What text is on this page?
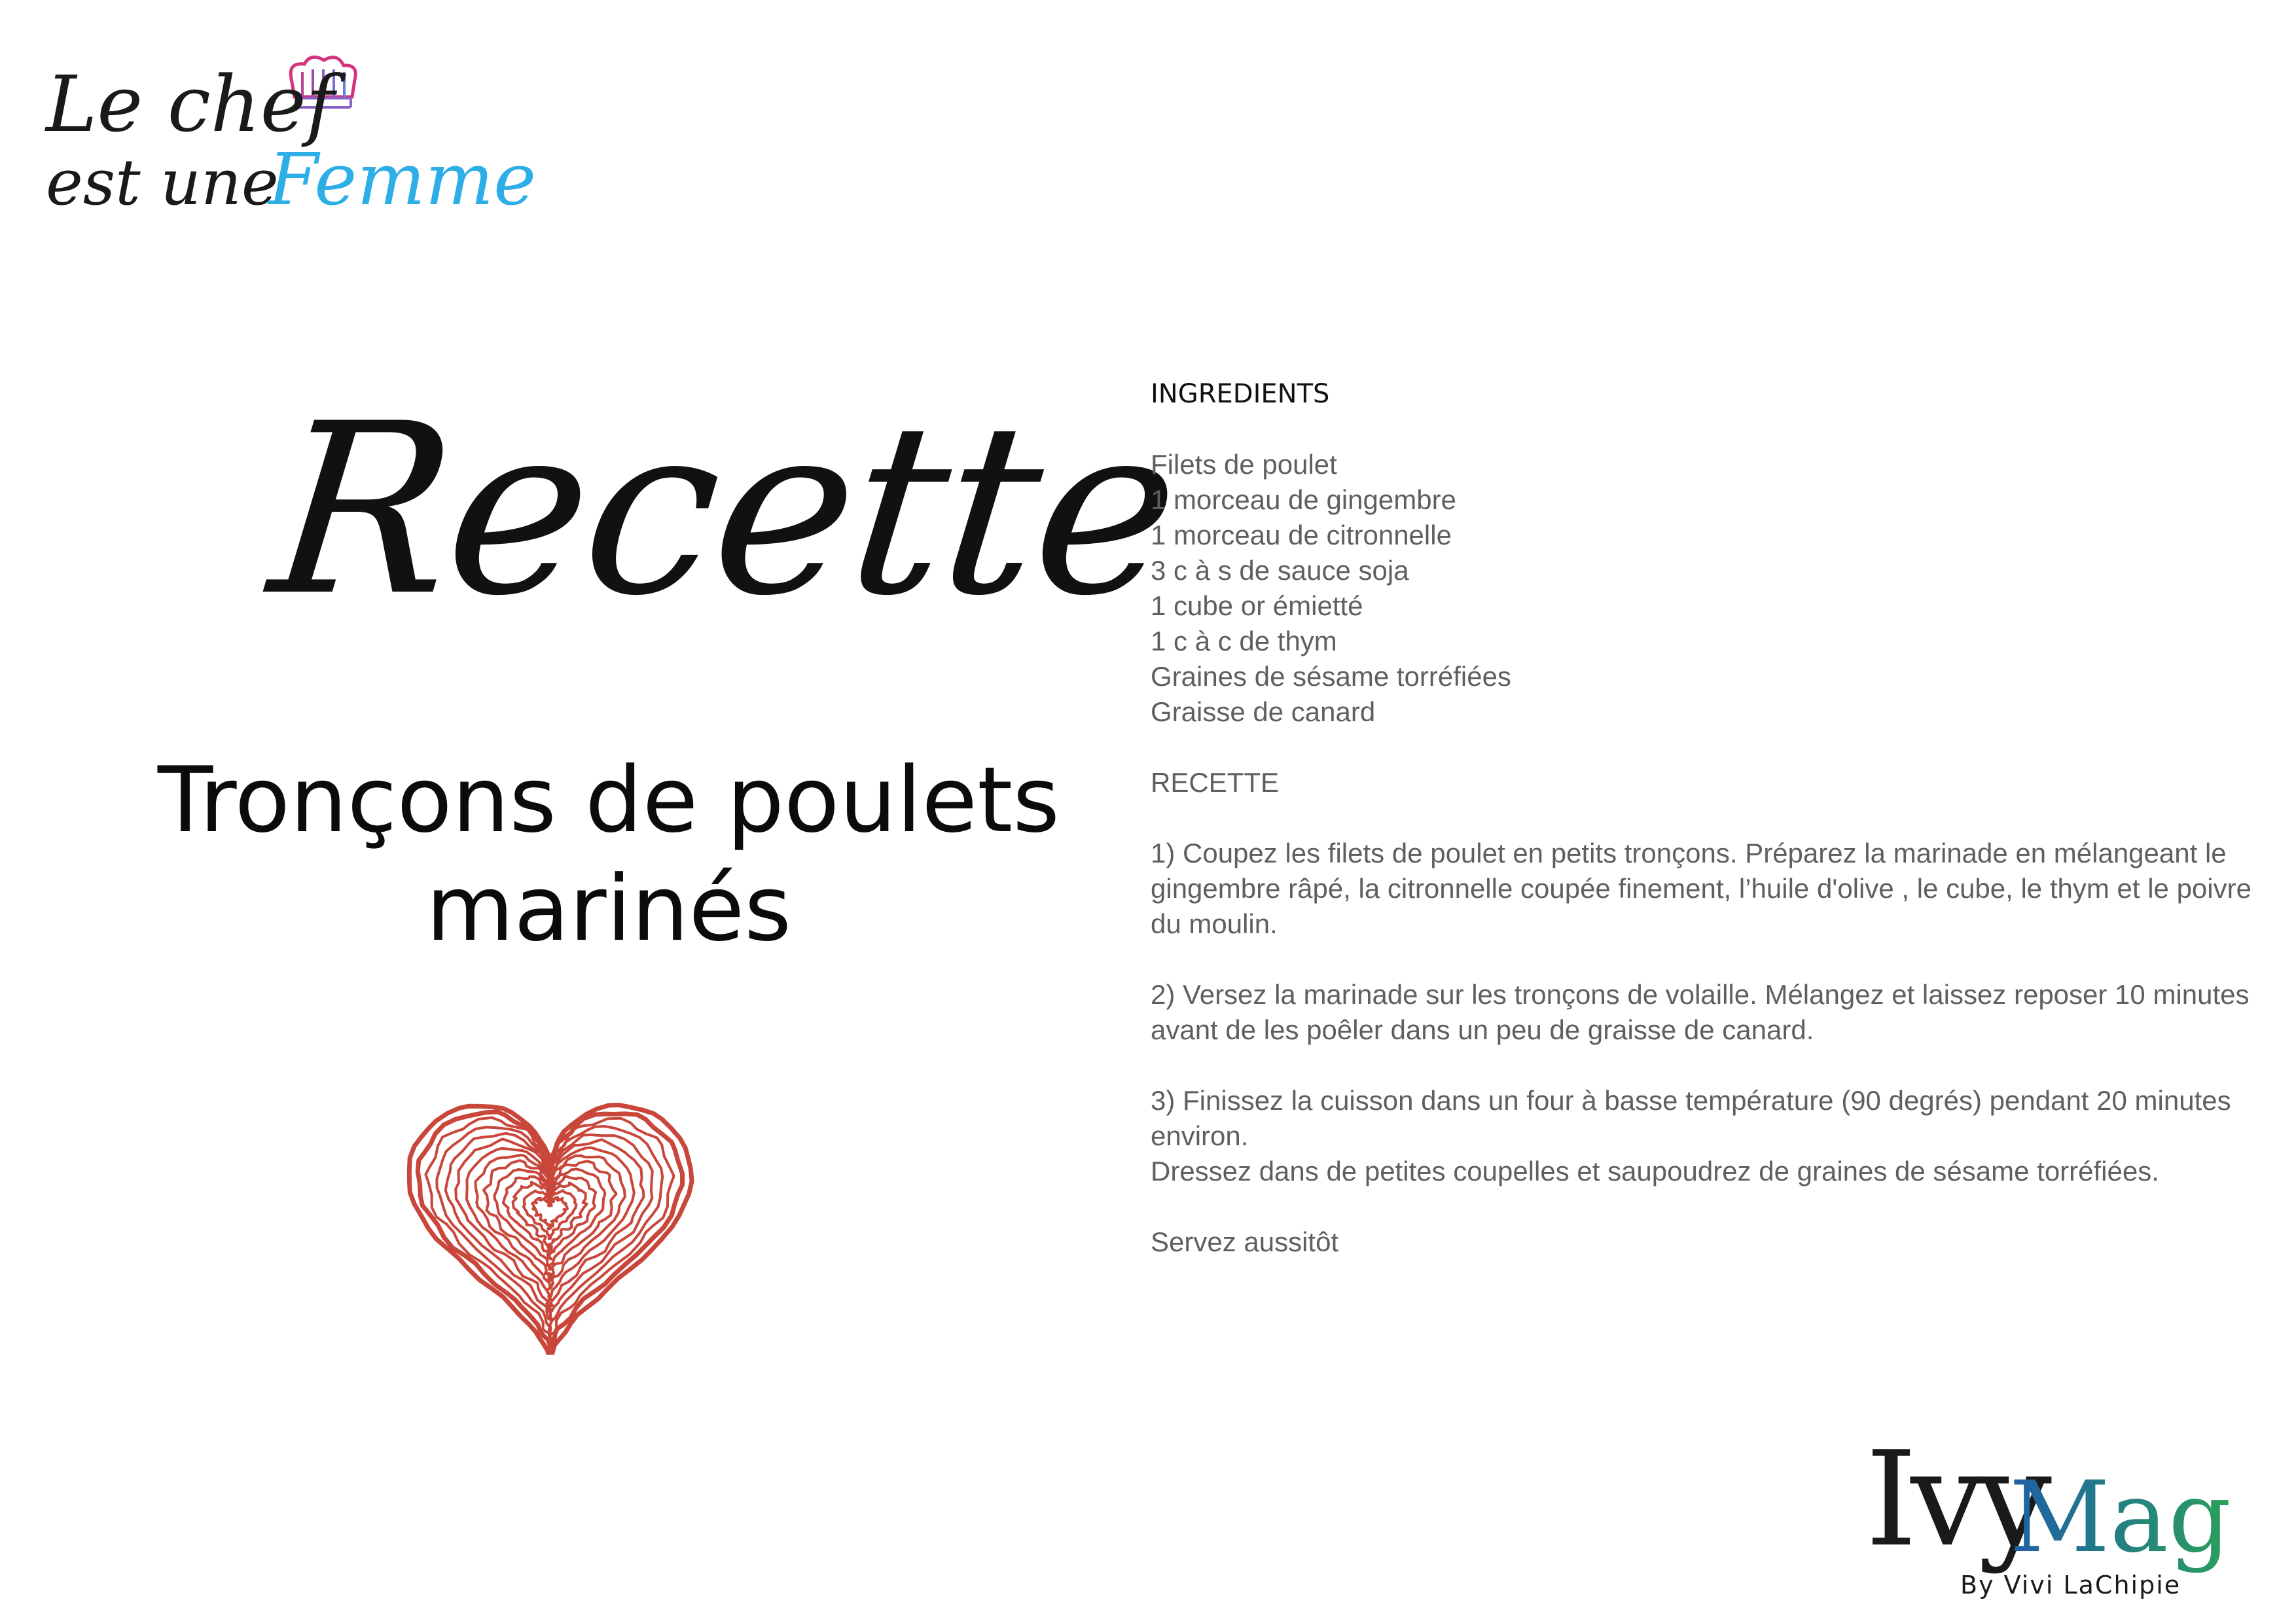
Le chef
est une
Femme
Recette
Tronçons de poulets marinés
INGREDIENTS
Filets de poulet
1 morceau de gingembre
1 morceau de citronnelle
3 c à s de sauce soja
1 cube or émietté
1 c à c de thym
Graines de sésame torréfiées
Graisse de canard
RECETTE

1) Coupez les filets de poulet en petits tronçons. Préparez la marinade en mélangeant le gingembre râpé, la citronnelle coupée finement, l’huile d'olive , le cube, le thym et le poivre du moulin.

2) Versez la marinade sur les tronçons de volaille. Mélangez et laissez reposer 10 minutes avant de les poêler dans un peu de graisse de canard.

3) Finissez la cuisson dans un four à basse température (90 degrés) pendant 20 minutes environ.

Dressez dans de petites coupelles et saupoudrez de graines de sésame torréfiées.

Servez aussitôt
Ivy
Mag
By Vivi LaChipie
